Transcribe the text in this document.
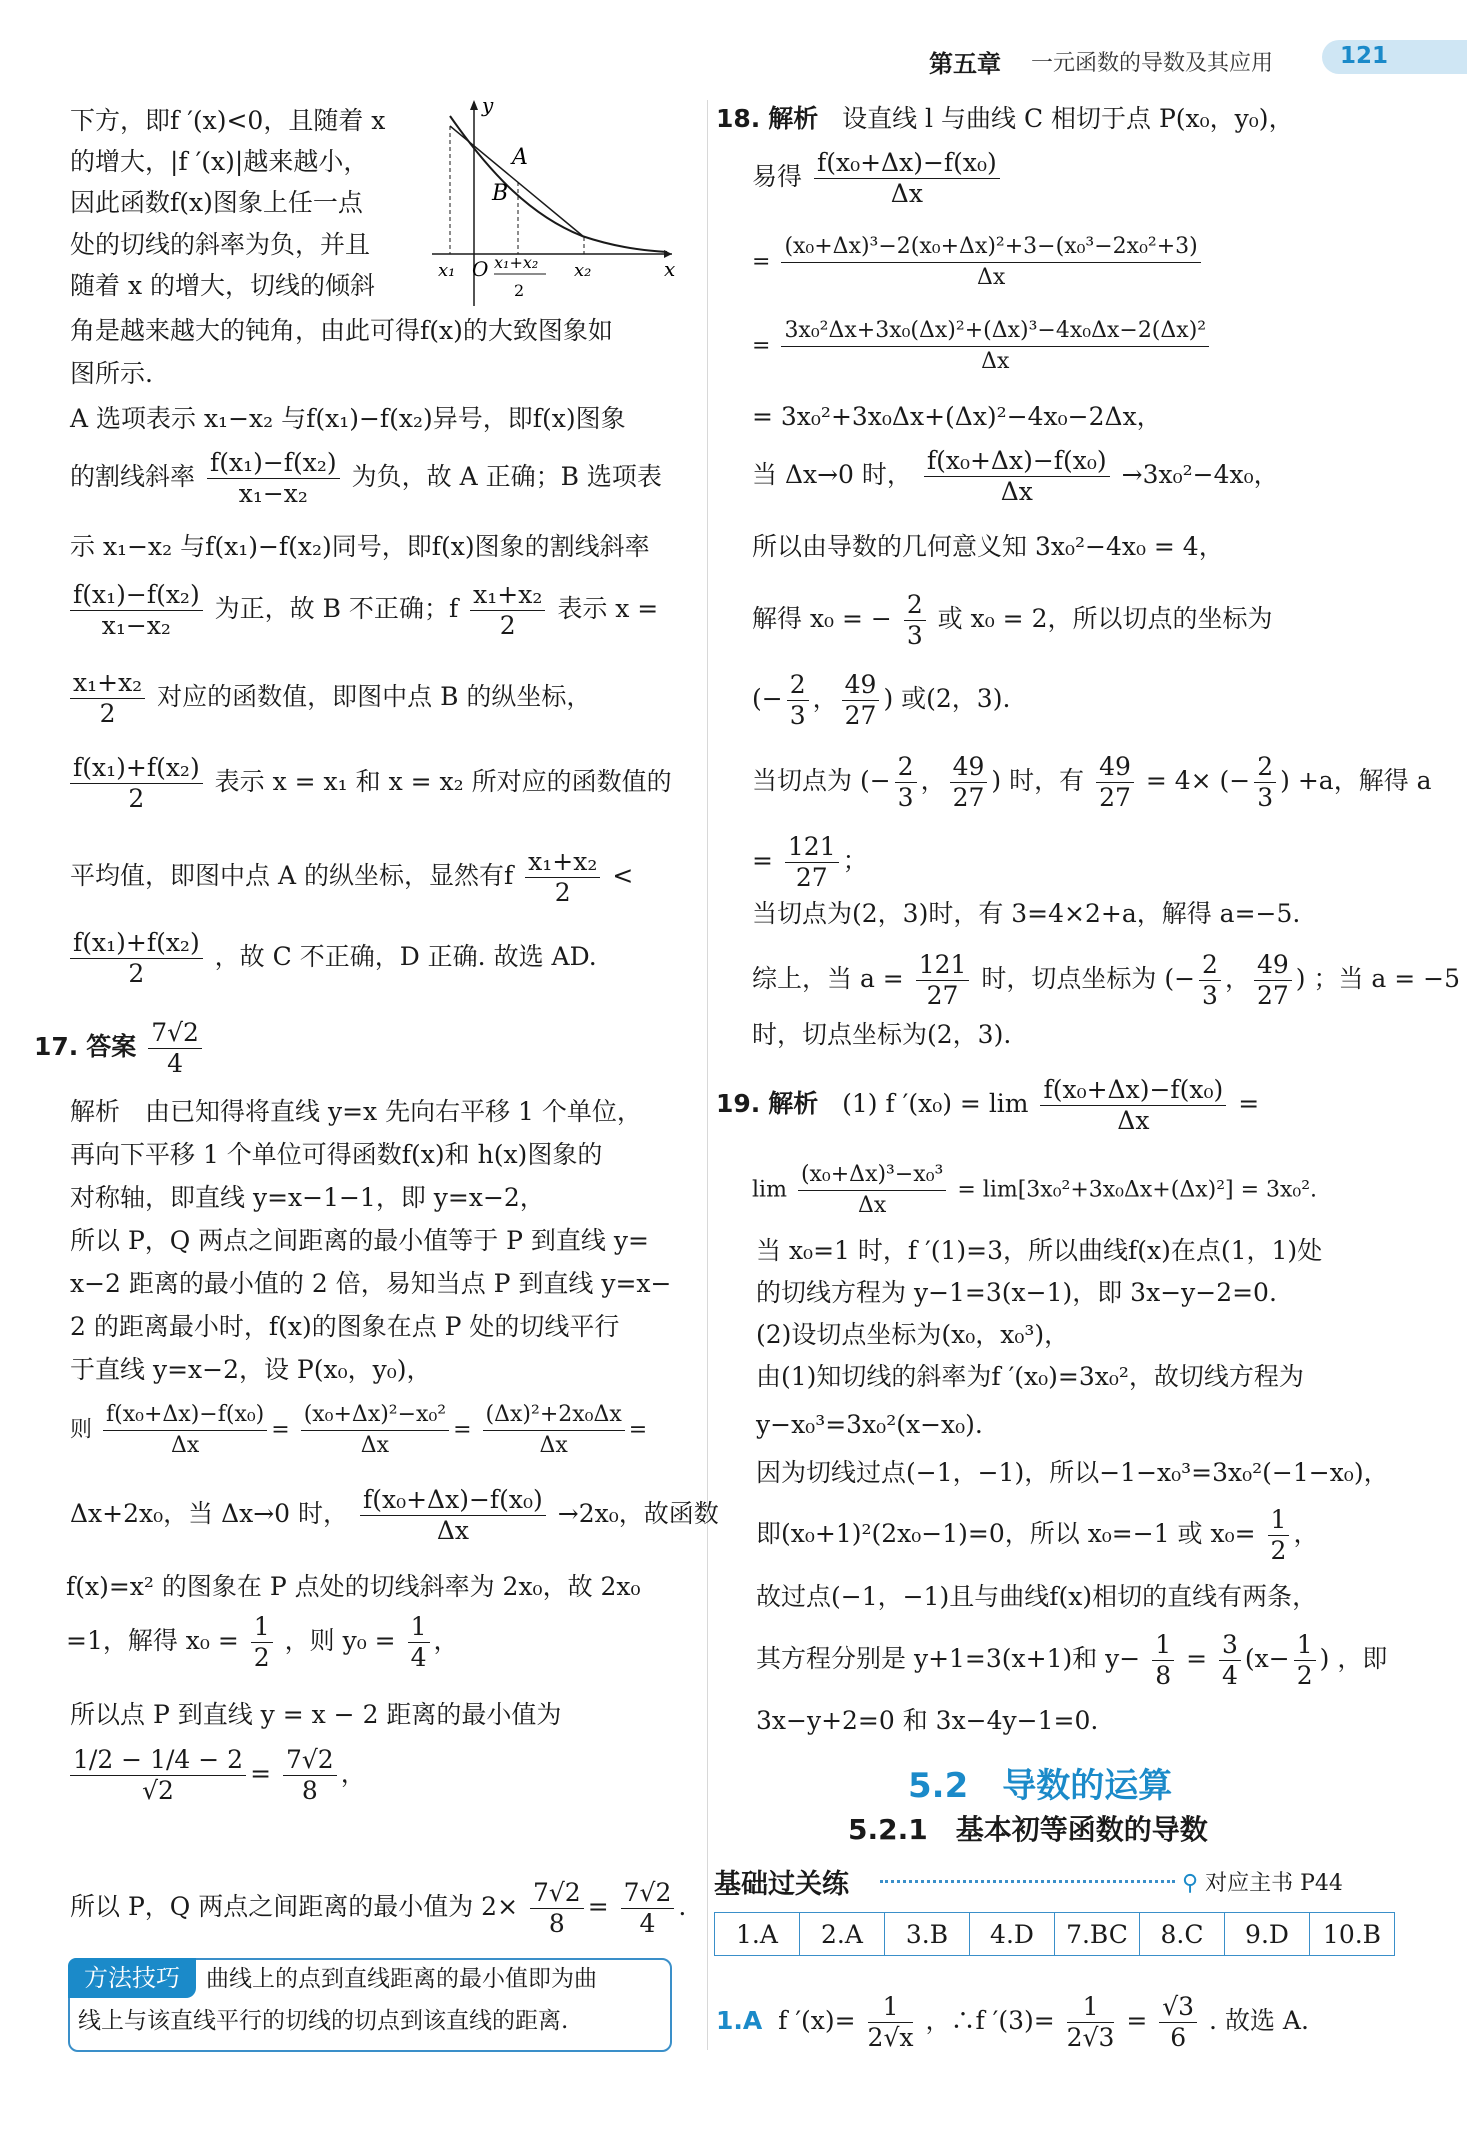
第五章 一元函数的导数及其应用	121
下方，即f ′(x)<0，且随着 x
的增大，|f ′(x)|越来越小，
因此函数f(x)图象上任一点
处的切线的斜率为负，并且
随着 x 的增大，切线的倾斜
y
x
A
B
O
x₁	x₂
x₁+x₂
2
角是越来越大的钝角，由此可得f(x)的大致图象如
图所示.
A 选项表示 x₁−x₂ 与f(x₁)−f(x₂)异号，即f(x)图象
的割线斜率 $\frac{\text{f(x₁)−f(x₂)}}{\text{x₁−x₂}}$ 为负，故 A 正确；B 选项表
示 x₁−x₂ 与f(x₁)−f(x₂)同号，即f(x)图象的割线斜率
$\frac{\text{f(x₁)−f(x₂)}}{\text{x₁−x₂}}$ 为正，故 B 不正确；f $\frac{\text{x₁+x₂}}{2}$ 表示 x =
$\frac{\text{x₁+x₂}}{2}$ 对应的函数值，即图中点 B 的纵坐标，
$\frac{\text{f(x₁)+f(x₂)}}{2}$ 表示 x = x₁ 和 x = x₂ 所对应的函数值的
平均值，即图中点 A 的纵坐标，显然有f $\frac{\text{x₁+x₂}}{2}$ <
$\frac{\text{f(x₁)+f(x₂)}}{2}$ ，故 C 不正确，D 正确. 故选 AD.
17. 答案 $\frac{7√2}{4}$
解析　由已知得将直线 y=x 先向右平移 1 个单位，
再向下平移 1 个单位可得函数f(x)和 h(x)图象的
对称轴，即直线 y=x−1−1，即 y=x−2，
所以 P，Q 两点之间距离的最小值等于 P 到直线 y=
x−2 距离的最小值的 2 倍，易知当点 P 到直线 y=x−
2 的距离最小时，f(x)的图象在点 P 处的切线平行
于直线 y=x−2，设 P(x₀，y₀)，
则 $\frac{\text{f(x₀+Δx)−f(x₀)}}{\Delta x} = \frac{\text{(x₀+Δx)²−x₀²}}{\Delta x} = \frac{\text{(Δx)²+2x₀Δx}}{\Delta x}$ =
Δx+2x₀，当 Δx→0 时， $\frac{\text{f(x₀+Δx)−f(x₀)}}{\Delta x} \to 2x_0$，故函数
f(x)=x² 的图象在 P 点处的切线斜率为 2x₀，故 2x₀
=1，解得 $x_0 = \frac{1}{2}$ ，则 $y_0 = \frac{1}{4}$ ，
所以点 P 到直线 y = x − 2 距离的最小值为
$\frac{1/2 - 1/4 - 2}{√2} = \frac{7√2}{8}$ ，
所以 P，Q 两点之间距离的最小值为 $2\times \frac{7√2}{8} = \frac{7√2}{4}$ .
方法技巧	曲线上的点到直线距离的最小值即为曲
线上与该直线平行的切线的切点到该直线的距离.
18. 解析 设直线 l 与曲线 C 相切于点 P(x₀，y₀)，
易得 $\frac{\text{f(x₀+Δx)−f(x₀)}}{\Delta x}$
= $\frac{\text{(x₀+Δx)³−2(x₀+Δx)²+3−(x₀³−2x₀²+3)}}{\Delta x}$
= $\frac{\text{3x₀²Δx+3x₀(Δx)²+(Δx)³−4x₀Δx−2(Δx)²}}{\Delta x}$
= 3x₀²+3x₀Δx+(Δx)²−4x₀−2Δx，
当 Δx→0 时， $\frac{\text{f(x₀+Δx)−f(x₀)}}{\Delta x} \to 3x_0^2-4x_0$，
所以由导数的几何意义知 3x₀²−4x₀ = 4，
解得 x₀ = − $\frac{2}{3}$ 或 x₀ = 2，所以切点的坐标为
(− $\frac{2}{3}$ ， $\frac{49}{27}$ ) 或(2，3).
当切点为 (− $\frac{2}{3}$ ， $\frac{49}{27}$ ) 时，有 $\frac{49}{27} = 4\times$ (− $\frac{2}{3}$ ) +a，解得 a
= $\frac{121}{27}$ ；
当切点为(2，3)时，有 3=4×2+a，解得 a=−5.
综上，当 $a = \frac{121}{27}$ 时，切点坐标为 (− $\frac{2}{3}$ ， $\frac{49}{27}$ ) ；当 a = −5
时，切点坐标为(2，3).
19. 解析 (1) f $'(x_0) = \lim \frac{\text{f(x₀+Δx)−f(x₀)}}{\Delta x}$ =
$\lim \frac{\text{(x₀+Δx)³−x₀³}}{\Delta x} = \lim[3x_0^2+3x_0\Delta x+(\Delta x)^2] = 3x_0^2$.
当 x₀=1 时，f ′(1)=3，所以曲线f(x)在点(1，1)处
的切线方程为 y−1=3(x−1)，即 3x−y−2=0.
(2)设切点坐标为(x₀，x₀³)，
由(1)知切线的斜率为f ′(x₀)=3x₀²，故切线方程为
y−x₀³=3x₀²(x−x₀).
因为切线过点(−1，−1)，所以−1−x₀³=3x₀²(−1−x₀)，
即(x₀+1)²(2x₀−1)=0，所以 x₀=−1 或 $x_0= \frac{1}{2}$ ，
故过点(−1，−1)且与曲线f(x)相切的直线有两条，
其方程分别是 y+1=3(x+1)和 $y- \frac{1}{8} = \frac{3}{4} (x- \frac{1}{2}$ ) ，即
3x−y+2=0 和 3x−4y−1=0.
5.2　导数的运算
5.2.1　基本初等函数的导数
基础过关练	⚲ 对应主书 P44
1.A	2.A	3.B	4.D	7.BC	8.C	9.D	10.B
1.A f $'(x)= \frac{1}{2√x}$ ，∴f $'(3)= \frac{1}{2√3} = \frac{√3}{6}$ . 故选 A.
